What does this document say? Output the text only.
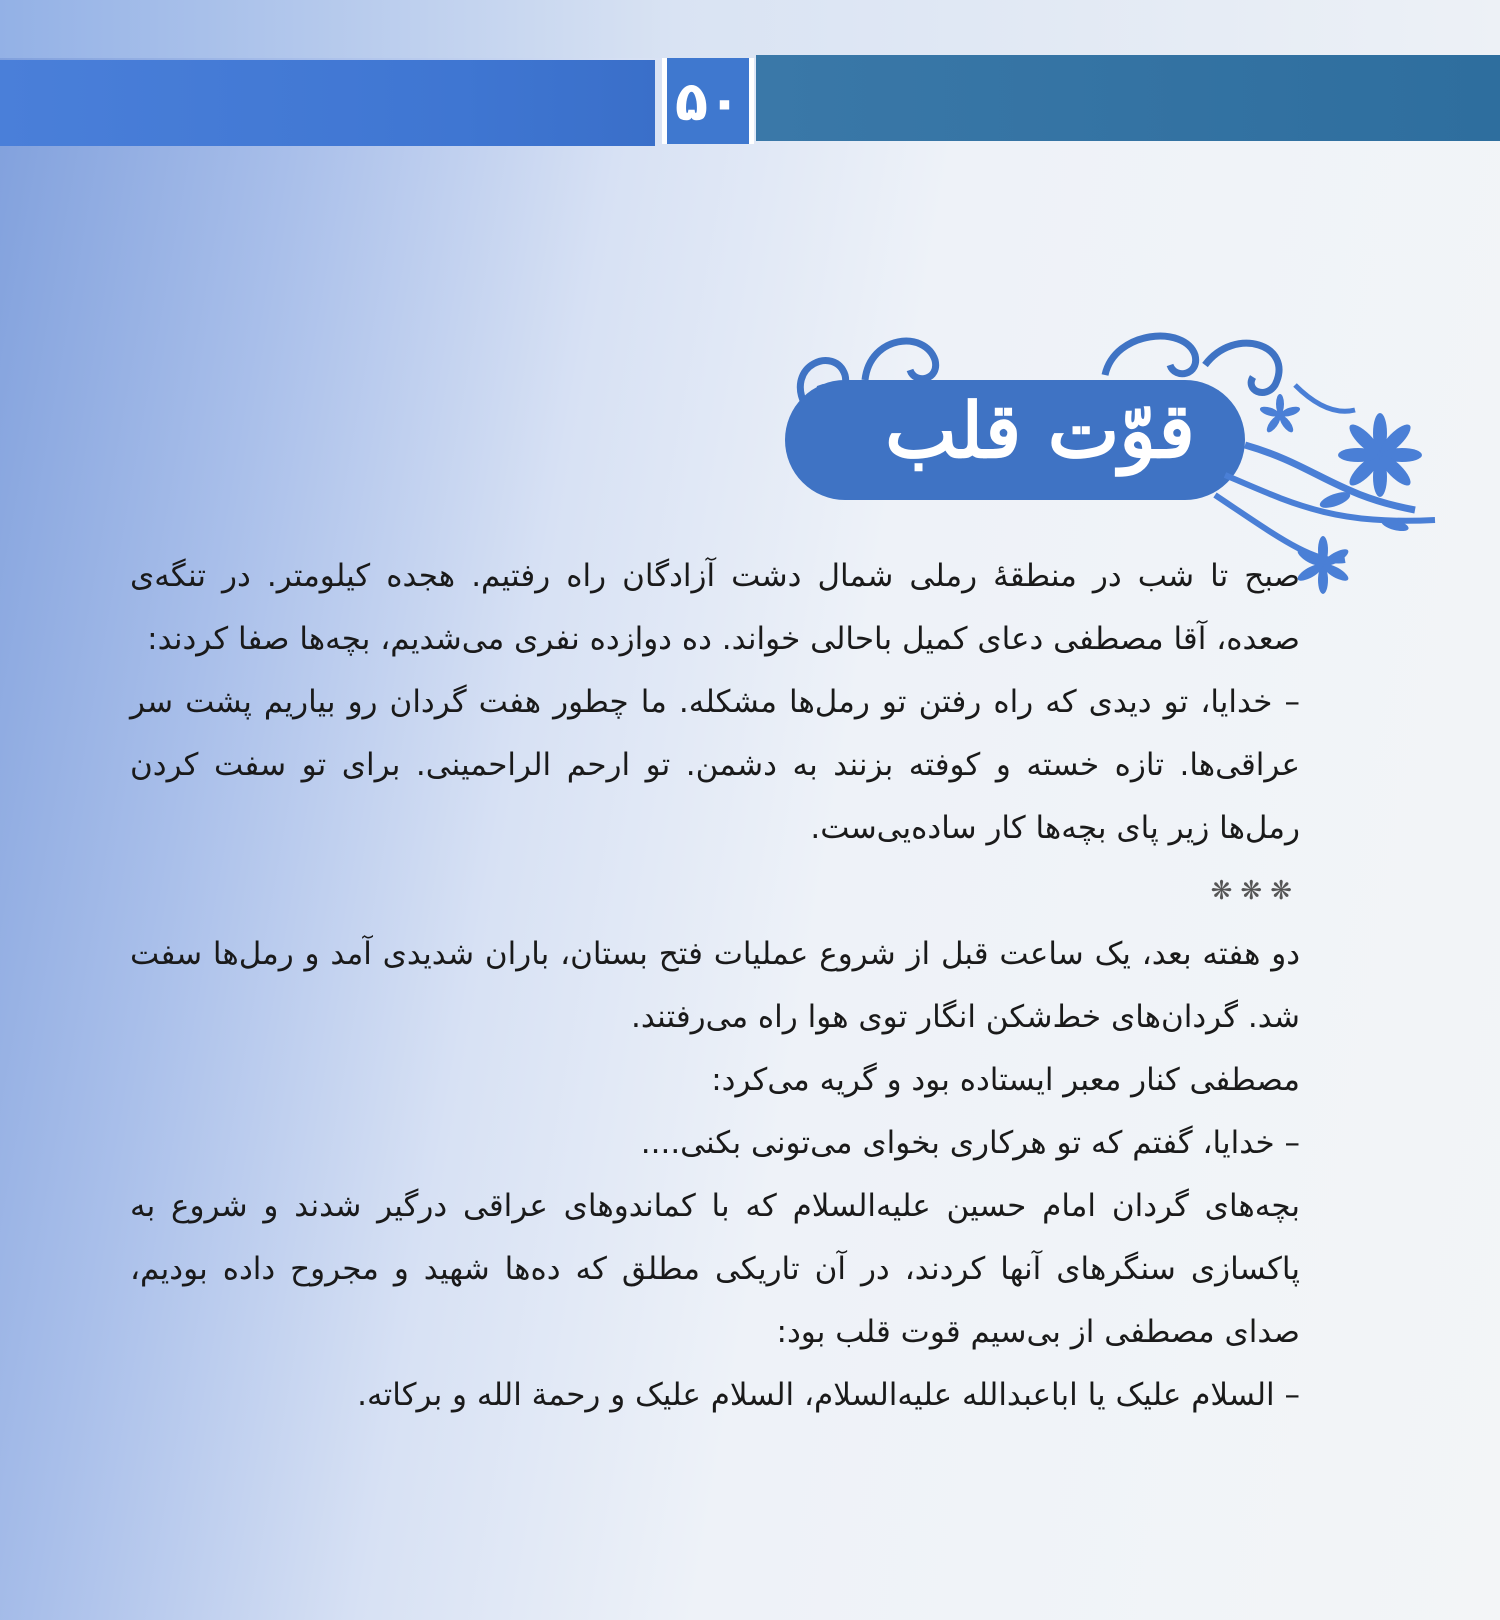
۵۰
قوّت قلب

صبح تا شب در منطقهٔ رملی شمال دشت آزادگان راه رفتیم. هجده کیلومتر. در تنگه‌ی صعده، آقا مصطفی دعای کمیل باحالی خواند. ده دوازده نفری می‌شدیم، بچه‌ها صفا کردند:

– خدایا، تو دیدی که راه رفتن تو رمل‌ها مشکله. ما چطور هفت گردان رو بیاریم پشت سر عراقی‌ها. تازه خسته و کوفته بزنند به دشمن. تو ارحم الراحمینی. برای تو سفت کردن رمل‌ها زیر پای بچه‌ها کار ساده‌یی‌ست.

❋❋❋

دو هفته بعد، یک ساعت قبل از شروع عملیات فتح بستان، باران شدیدی آمد و رمل‌ها سفت شد. گردان‌های خط‌شکن انگار توی هوا راه می‌رفتند.

مصطفی کنار معبر ایستاده بود و گریه می‌کرد:

– خدایا، گفتم که تو هرکاری بخوای می‌تونی بکنی....

بچه‌های گردان امام حسین علیه‌السلام که با کماندوهای عراقی درگیر شدند و شروع به پاکسازی سنگرهای آنها کردند، در آن تاریکی مطلق که ده‌ها شهید و مجروح داده بودیم، صدای مصطفی از بی‌سیم قوت قلب بود:

– السلام علیک یا اباعبدالله علیه‌السلام، السلام علیک و رحمة الله و برکاته.
